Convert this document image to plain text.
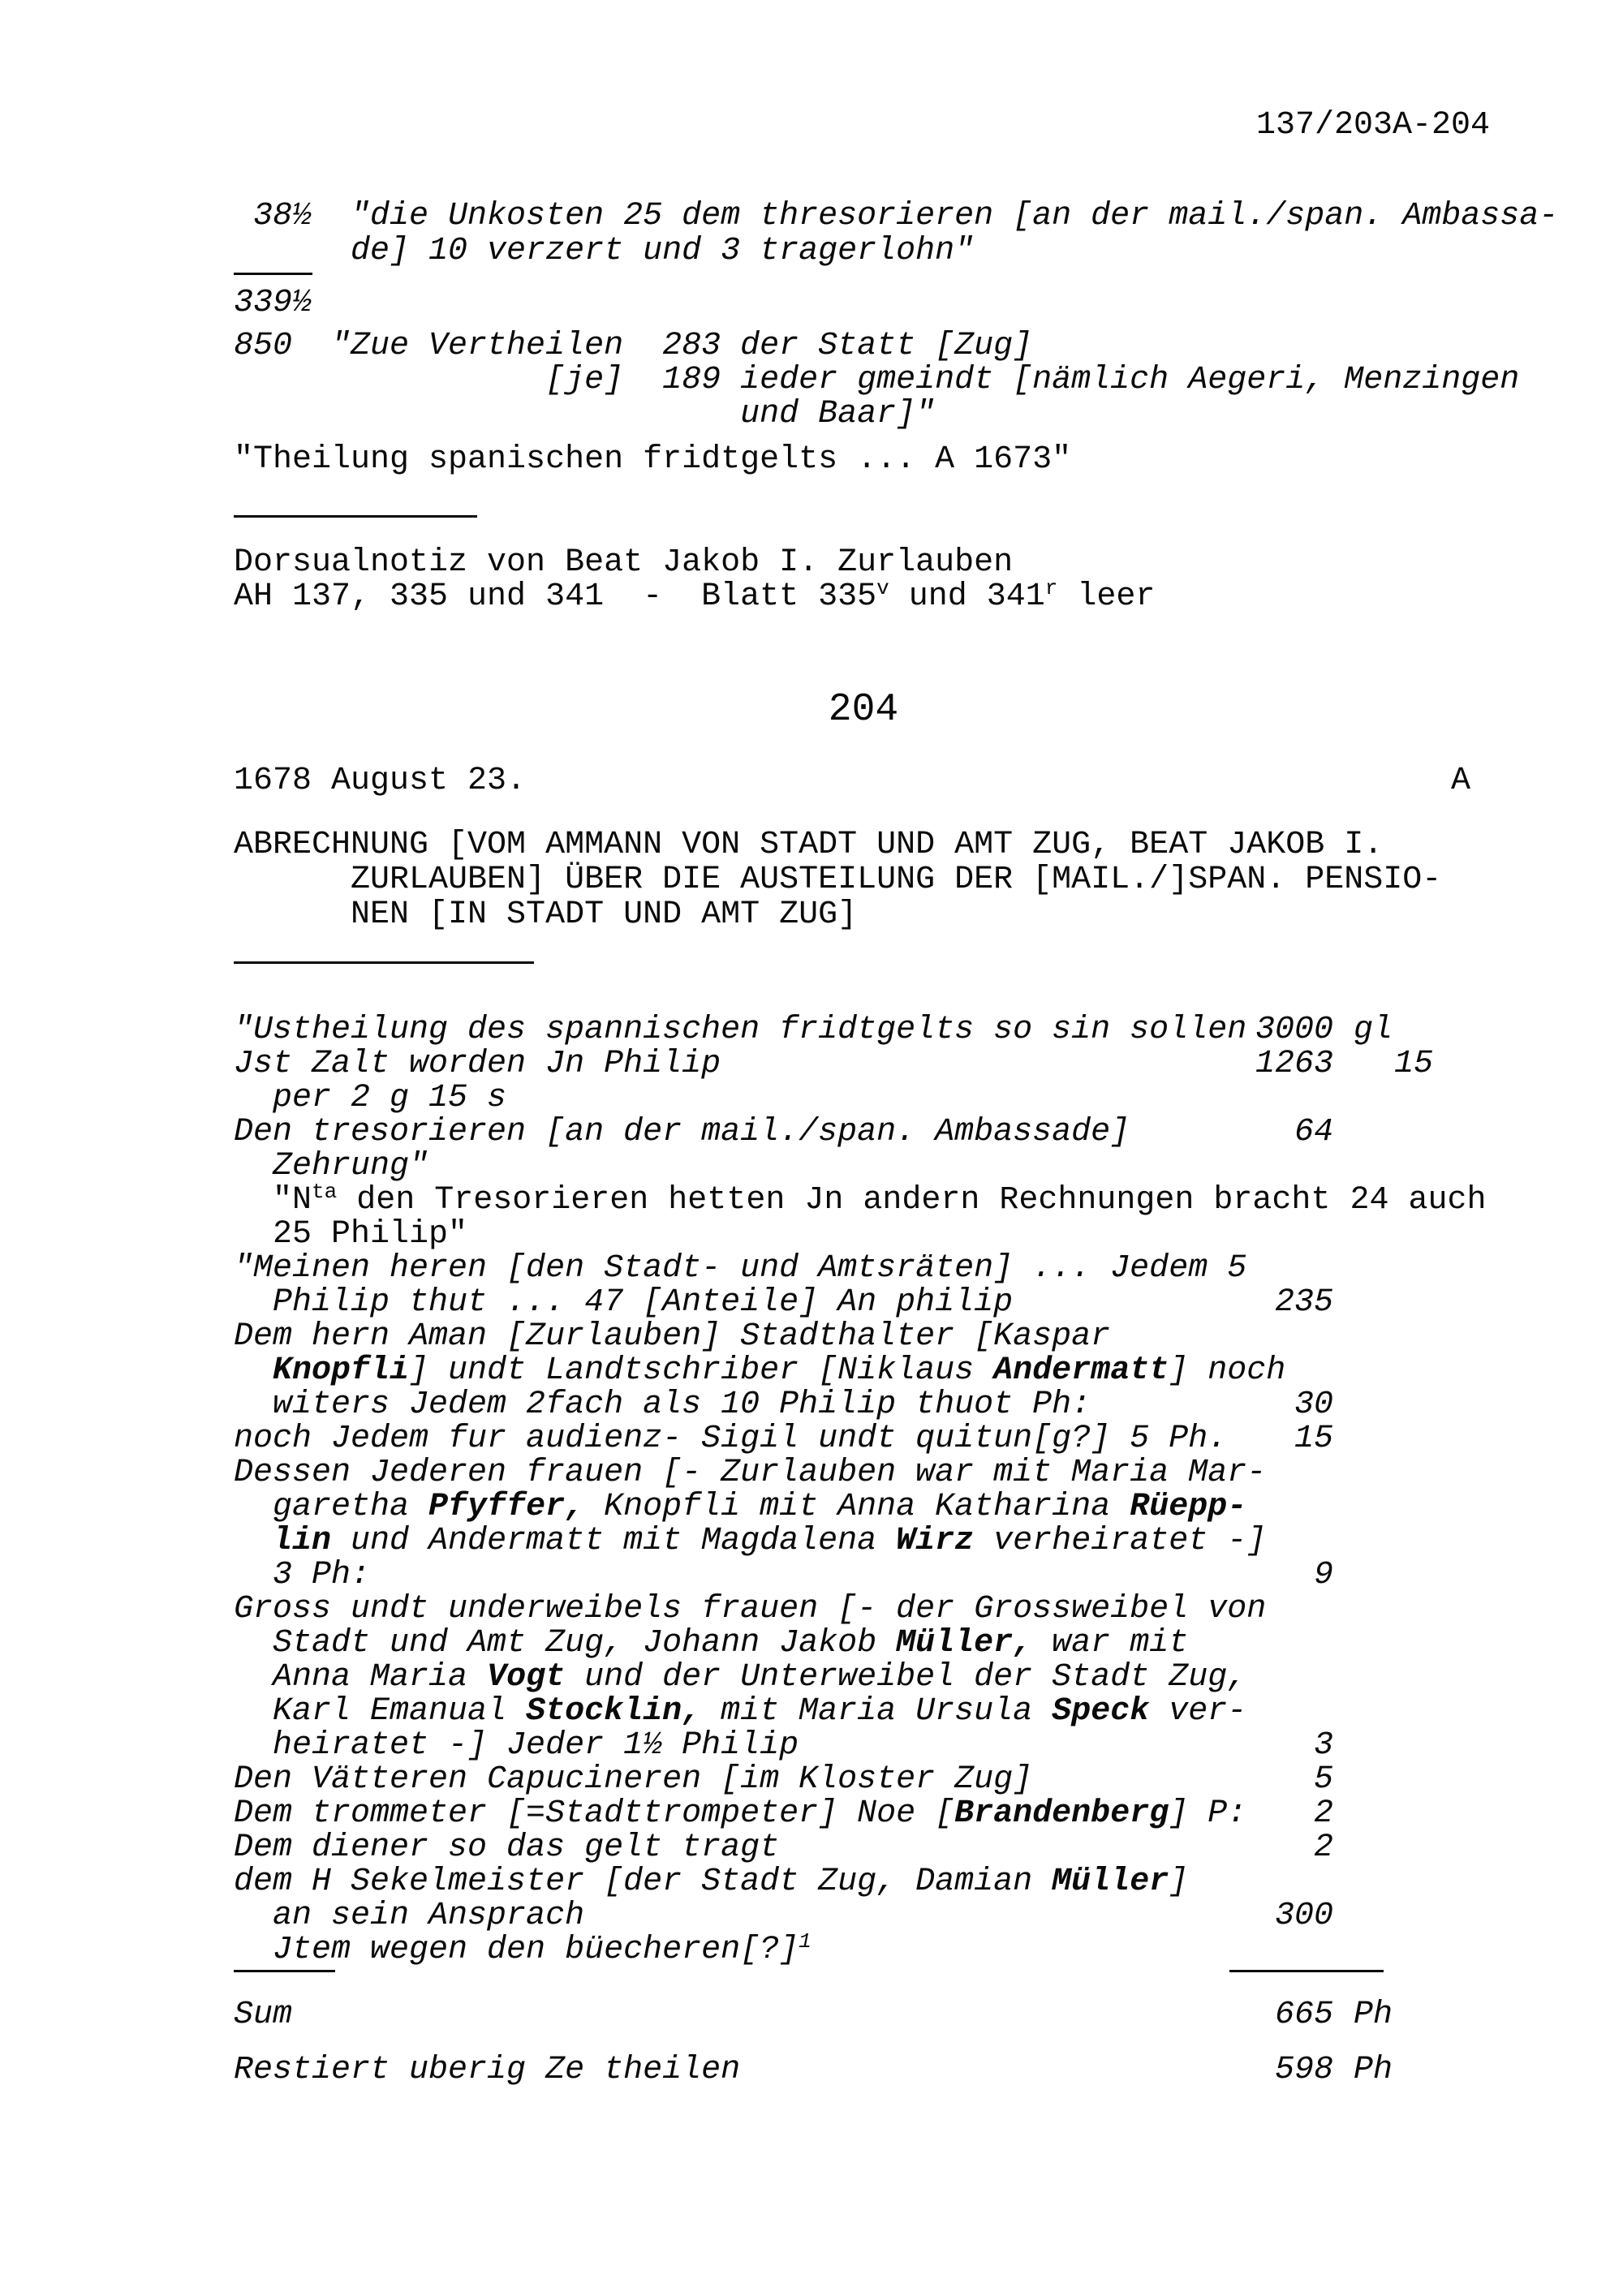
137/203A-204
204
1678 August 23.	A
38½  "die Unkosten 25 dem thresorieren [an der mail./span. Ambassa-
de] 10 verzert und 3 tragerlohn"
339½
850  "Zue Vertheilen  283 der Statt [Zug]
[je]  189 ieder gmeindt [nämlich Aegeri, Menzingen
und Baar]"
"Theilung spanischen fridtgelts ... A 1673"
Dorsualnotiz von Beat Jakob I. Zurlauben
AH 137, 335 und 341  -  Blatt 335$^v$ und 341$^r$ leer
ABRECHNUNG [VOM AMMANN VON STADT UND AMT ZUG, BEAT JAKOB I.
ZURLAUBEN] ÜBER DIE AUSTEILUNG DER [MAIL./]SPAN. PENSIO-
NEN [IN STADT UND AMT ZUG]
"Ustheilung des spannischen fridtgelts so sin sollen 3000 gl
Jst Zalt worden Jn Philip	1263	15
per 2 g 15 s
Den tresorieren [an der mail./span. Ambassade]	64
Zehrung"
"$N^{ta}$ den Tresorieren hetten Jn andern Rechnungen bracht 24 auch
25 Philip"
"Meinen heren [den Stadt- und Amtsräten] ... Jedem 5
Philip thut ... 47 [Anteile] An philip	235
Dem hern Aman [Zurlauben] Stadthalter [Kaspar
Knopfli] undt Landtschriber [Niklaus Andermatt] noch
witers Jedem 2fach als 10 Philip thuot Ph:	30
noch Jedem fur audienz- Sigil undt quitun[g?] 5 Ph.	15
Dessen Jederen frauen [- Zurlauben war mit Maria Mar-
garetha Pfyffer, Knopfli mit Anna Katharina Rüepp-
lin und Andermatt mit Magdalena Wirz verheiratet -]
3 Ph:	9
Gross undt underweibels frauen [- der Grossweibel von
Stadt und Amt Zug, Johann Jakob Müller, war mit
Anna Maria Vogt und der Unterweibel der Stadt Zug,
Karl Emanual Stocklin, mit Maria Ursula Speck ver-
heiratet -] Jeder 1½ Philip	3
Den Vätteren Capucineren [im Kloster Zug]	5
Dem trommeter [=Stadttrompeter] Noe [Brandenberg] P:	2
Dem diener so das gelt tragt	2
dem H Sekelmeister [der Stadt Zug, Damian Müller]
an sein Ansprach	300
Jtem wegen den büecheren[?]$^1$
Sum	665 Ph
Restiert uberig Ze theilen	598 Ph
